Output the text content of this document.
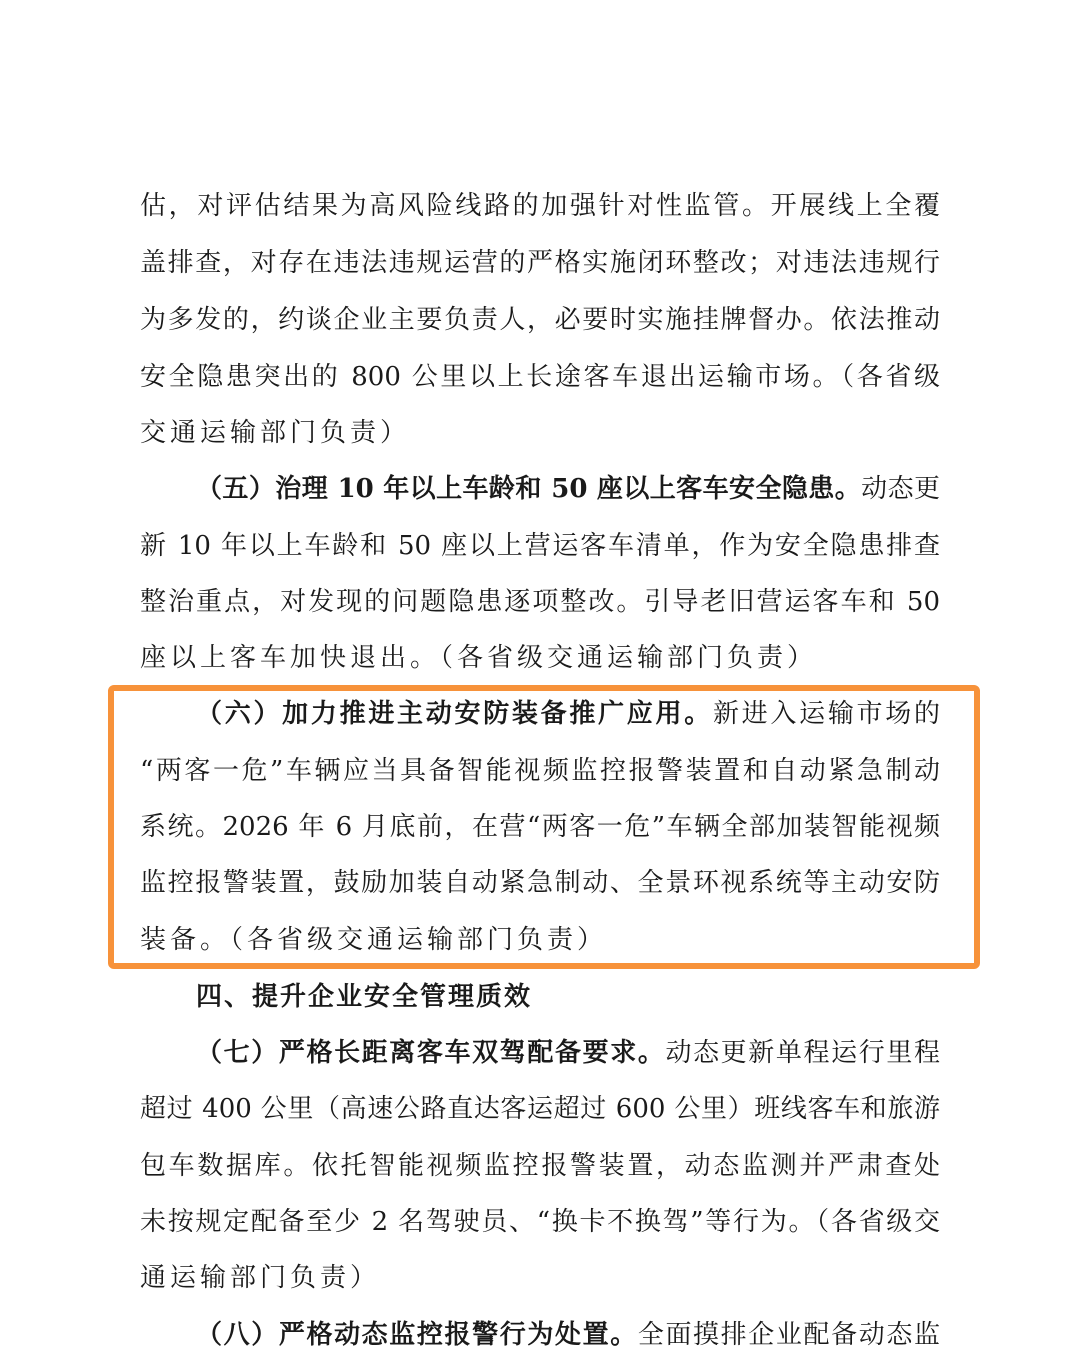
估，对评估结果为高风险线路的加强针对性监管。开展线上全覆
盖排查，对存在违法违规运营的严格实施闭环整改；对违法违规行
为多发的，约谈企业主要负责人，必要时实施挂牌督办。依法推动
安全隐患突出的 800 公里以上长途客车退出运输市场。（各省级
交通运输部门负责）
（五）治理 10 年以上车龄和 50 座以上客车安全隐患。动态更
新 10 年以上车龄和 50 座以上营运客车清单，作为安全隐患排查
整治重点，对发现的问题隐患逐项整改。引导老旧营运客车和 50
座以上客车加快退出。（各省级交通运输部门负责）
（六）加力推进主动安防装备推广应用。新进入运输市场的
“两客一危”车辆应当具备智能视频监控报警装置和自动紧急制动
系统。2026 年 6 月底前，在营“两客一危”车辆全部加装智能视频
监控报警装置，鼓励加装自动紧急制动、全景环视系统等主动安防
装备。（各省级交通运输部门负责）
四、提升企业安全管理质效
（七）严格长距离客车双驾配备要求。动态更新单程运行里程
超过 400 公里（高速公路直达客运超过 600 公里）班线客车和旅游
包车数据库。依托智能视频监控报警装置，动态监测并严肃查处
未按规定配备至少 2 名驾驶员、“换卡不换驾”等行为。（各省级交
通运输部门负责）
（八）严格动态监控报警行为处置。全面摸排企业配备动态监
